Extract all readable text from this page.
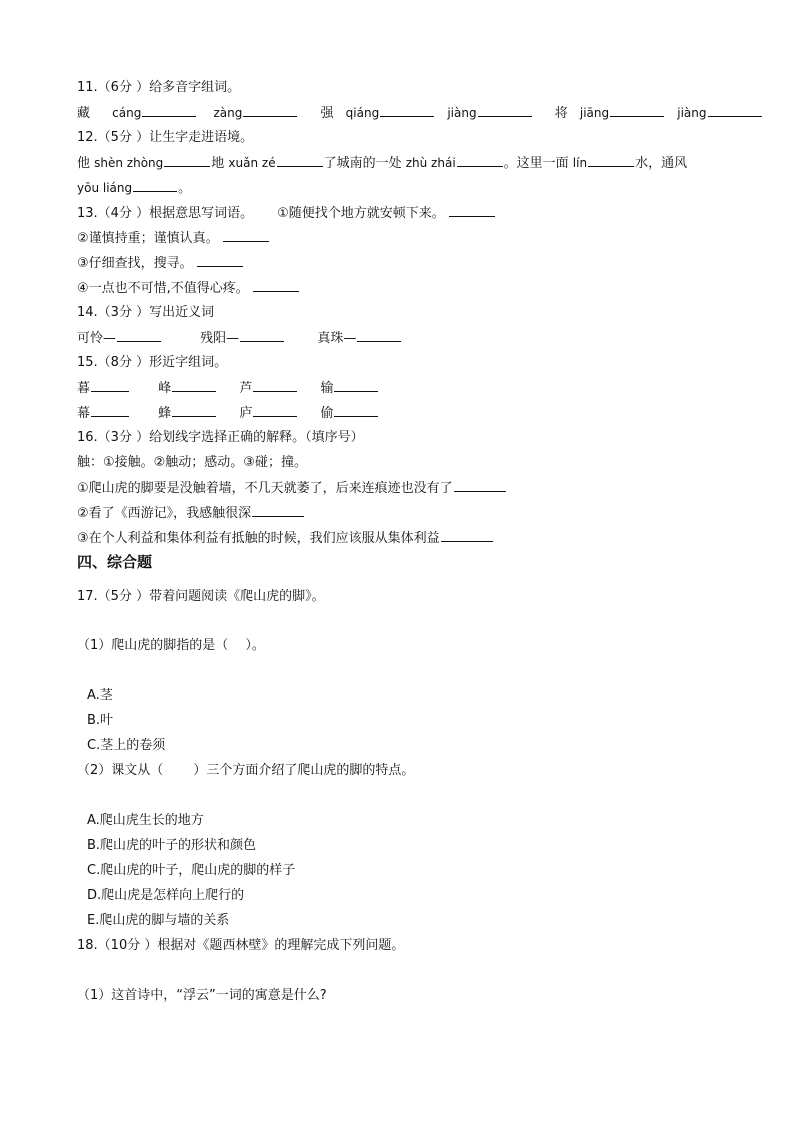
11.（6分 ）给多音字组词。
藏 cáng	zàng	强 qiáng	jiàng	将 jiāng	jiàng
12.（5分 ）让生字走进语境。
他 shèn zhòng	地 xuǎn zé	了城南的一处 zhù zhái	。这里一面 lín	水，通风
yōu liáng	。
13.（4分 ）根据意思写词语。 ①随便找个地方就安顿下来。
②谨慎持重；谨慎认真。
③仔细查找，搜寻。
④一点也不可惜,不值得心疼。
14.（3分 ）写出近义词
可怜—	残阳—	真珠—
15.（8分 ）形近字组词。
暮	峰	芦	输
幕	蜂	庐	偷
16.（3分 ）给划线字选择正确的解释。（填序号）
触：①接触。②触动；感动。③碰；撞。
①爬山虎的脚要是没触着墙，不几天就萎了，后来连痕迹也没有了
②看了《西游记》，我感触很深
③在个人利益和集体利益有抵触的时候，我们应该服从集体利益
四、综合题
17.（5分 ）带着问题阅读《爬山虎的脚》。
（1）爬山虎的脚指的是（　 ）。
A.茎
B.叶
C.茎上的卷须
（2）课文从（　　 ）三个方面介绍了爬山虎的脚的特点。
A.爬山虎生长的地方
B.爬山虎的叶子的形状和颜色
C.爬山虎的叶子，爬山虎的脚的样子
D.爬山虎是怎样向上爬行的
E.爬山虎的脚与墙的关系
18.（10分 ）根据对《题西林壁》的理解完成下列问题。
（1）这首诗中，“浮云”一词的寓意是什么?
